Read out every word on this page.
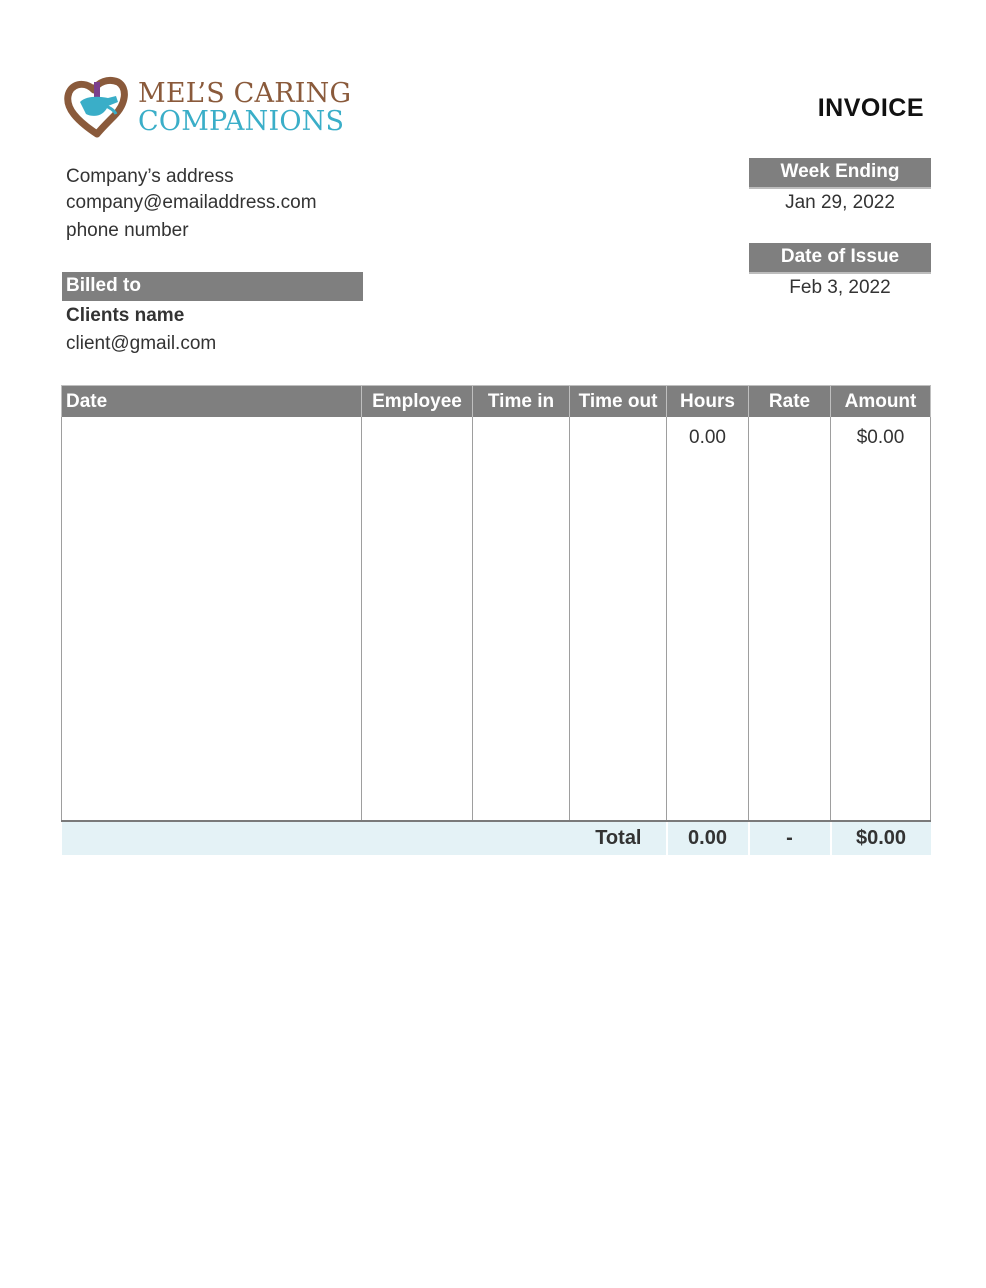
MEL’S CARING
COMPANIONS	INVOICE
Company’s address
company@emailaddress.com
phone number
Billed to
Clients name
client@gmail.com
Week Ending
Jan 29, 2022
Date of Issue
Feb 3, 2022
Date	Employee	Time in	Time out	Hours	Rate	Amount
				0.00		$0.00
Total				0.00	-	$0.00
